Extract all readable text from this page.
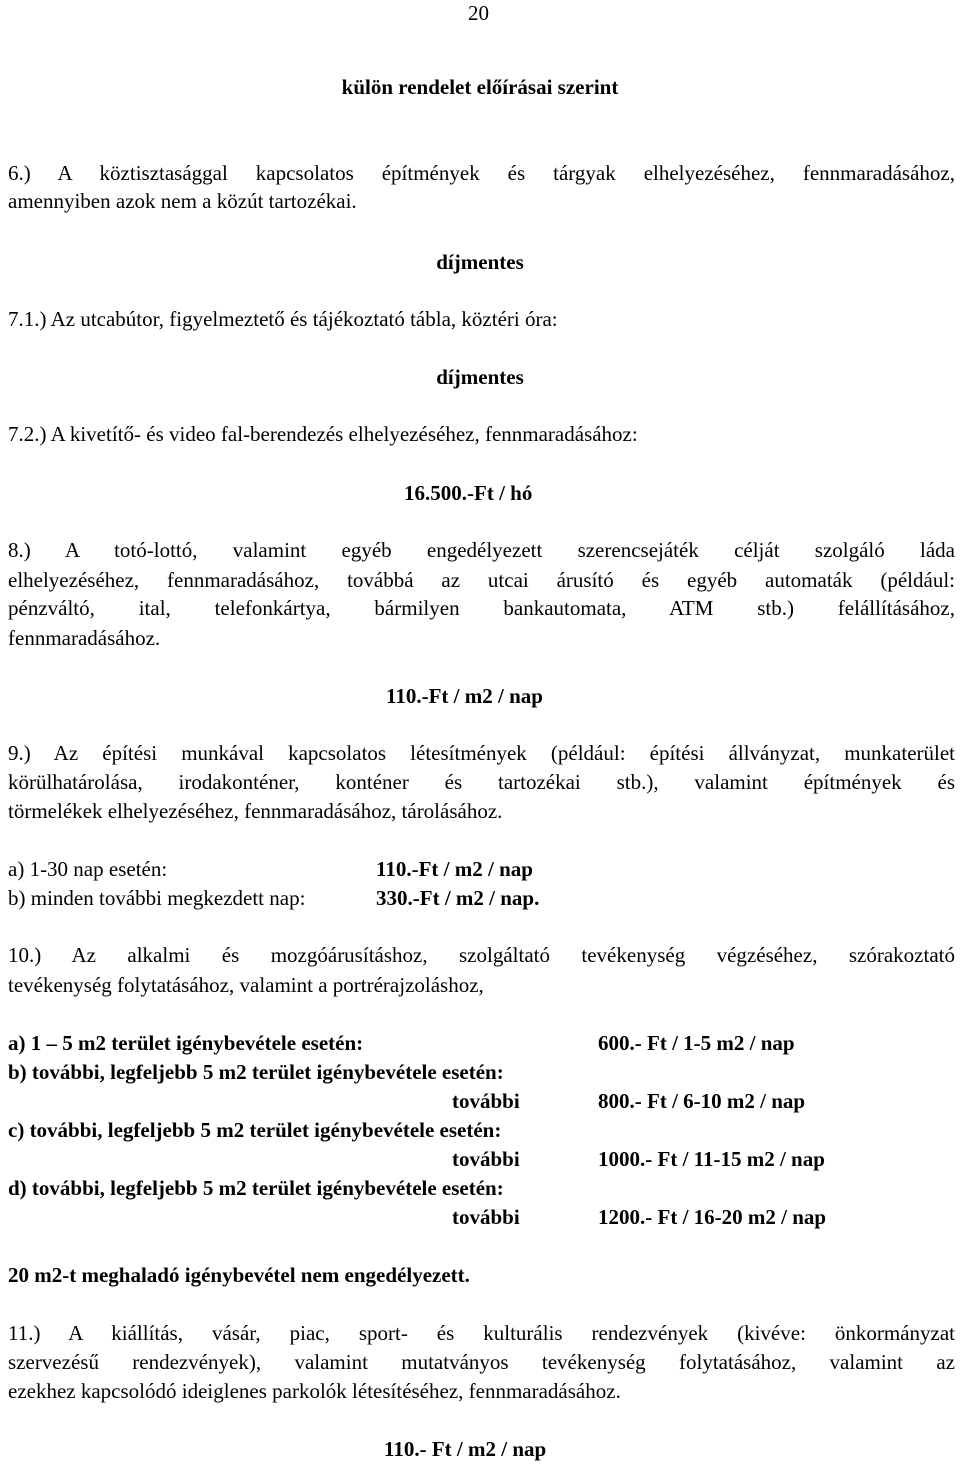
20
külön rendelet előírásai szerint
6.) A köztisztasággal kapcsolatos építmények és tárgyak elhelyezéséhez, fennmaradásához,
amennyiben azok nem a közút tartozékai.
díjmentes
7.1.) Az utcabútor, figyelmeztető és tájékoztató tábla, köztéri óra:
díjmentes
7.2.) A kivetítő- és video fal-berendezés elhelyezéséhez, fennmaradásához:
16.500.-Ft / hó
8.) A totó-lottó, valamint egyéb engedélyezett szerencsejáték célját szolgáló láda
elhelyezéséhez, fennmaradásához, továbbá az utcai árusító és egyéb automaták (például:
pénzváltó, ital, telefonkártya, bármilyen bankautomata, ATM stb.) felállításához,
fennmaradásához.
110.-Ft / m2 / nap
9.) Az építési munkával kapcsolatos létesítmények (például: építési állványzat, munkaterület
körülhatárolása, irodakonténer, konténer és tartozékai stb.), valamint építmények és
törmelékek elhelyezéséhez, fennmaradásához, tárolásához.
a) 1-30 nap esetén:	110.-Ft / m2 / nap
b) minden további megkezdett nap:	330.-Ft / m2 / nap.
10.) Az alkalmi és mozgóárusításhoz, szolgáltató tevékenység végzéséhez, szórakoztató
tevékenység folytatásához, valamint a portrérajzoláshoz,
a) 1 – 5 m2 terület igénybevétele esetén:	600.- Ft / 1-5 m2 / nap
b) további, legfeljebb 5 m2 terület igénybevétele esetén:
további	800.- Ft / 6-10 m2 / nap
c) további, legfeljebb 5 m2 terület igénybevétele esetén:
további	1000.- Ft / 11-15 m2 / nap
d) további, legfeljebb 5 m2 terület igénybevétele esetén:
további	1200.- Ft / 16-20 m2 / nap
20 m2-t meghaladó igénybevétel nem engedélyezett.
11.) A kiállítás, vásár, piac, sport- és kulturális rendezvények (kivéve: önkormányzat
szervezésű rendezvények), valamint mutatványos tevékenység folytatásához, valamint az
ezekhez kapcsolódó ideiglenes parkolók létesítéséhez, fennmaradásához.
110.- Ft / m2 / nap
